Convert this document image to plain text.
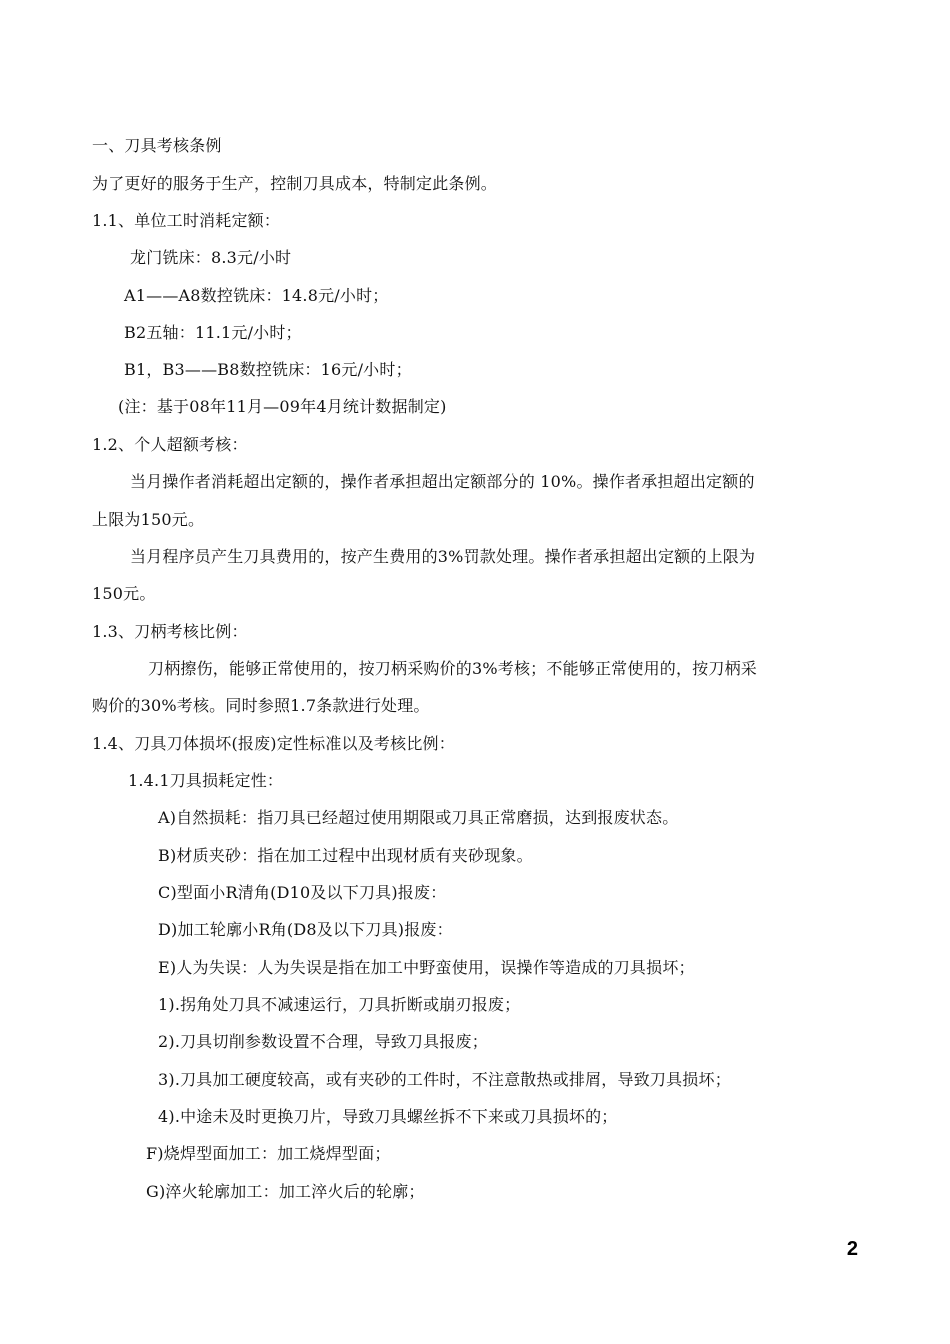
一、刀具考核条例
为了更好的服务于生产，控制刀具成本，特制定此条例。
1.1、单位工时消耗定额：
龙门铣床：8.3元/小时
A1——A8数控铣床：14.8元/小时；
B2五轴：11.1元/小时；
B1，B3——B8数控铣床：16元/小时；
(注：基于08年11月—09年4月统计数据制定)
1.2、个人超额考核：
当月操作者消耗超出定额的，操作者承担超出定额部分的 10%。操作者承担超出定额的
上限为150元。
当月程序员产生刀具费用的，按产生费用的3%罚款处理。操作者承担超出定额的上限为
150元。
1.3、刀柄考核比例：
刀柄擦伤，能够正常使用的，按刀柄采购价的3%考核；不能够正常使用的，按刀柄采
购价的30%考核。同时参照1.7条款进行处理。
1.4、刀具刀体损坏(报废)定性标准以及考核比例：
1.4.1刀具损耗定性：
A)自然损耗：指刀具已经超过使用期限或刀具正常磨损，达到报废状态。
B)材质夹砂：指在加工过程中出现材质有夹砂现象。
C)型面小R清角(D10及以下刀具)报废：
D)加工轮廓小R角(D8及以下刀具)报废：
E)人为失误：人为失误是指在加工中野蛮使用，误操作等造成的刀具损坏；
1).拐角处刀具不减速运行，刀具折断或崩刃报废；
2).刀具切削参数设置不合理，导致刀具报废；
3).刀具加工硬度较高，或有夹砂的工件时，不注意散热或排屑，导致刀具损坏；
4).中途未及时更换刀片，导致刀具螺丝拆不下来或刀具损坏的；
F)烧焊型面加工：加工烧焊型面；
G)淬火轮廓加工：加工淬火后的轮廓；
2
